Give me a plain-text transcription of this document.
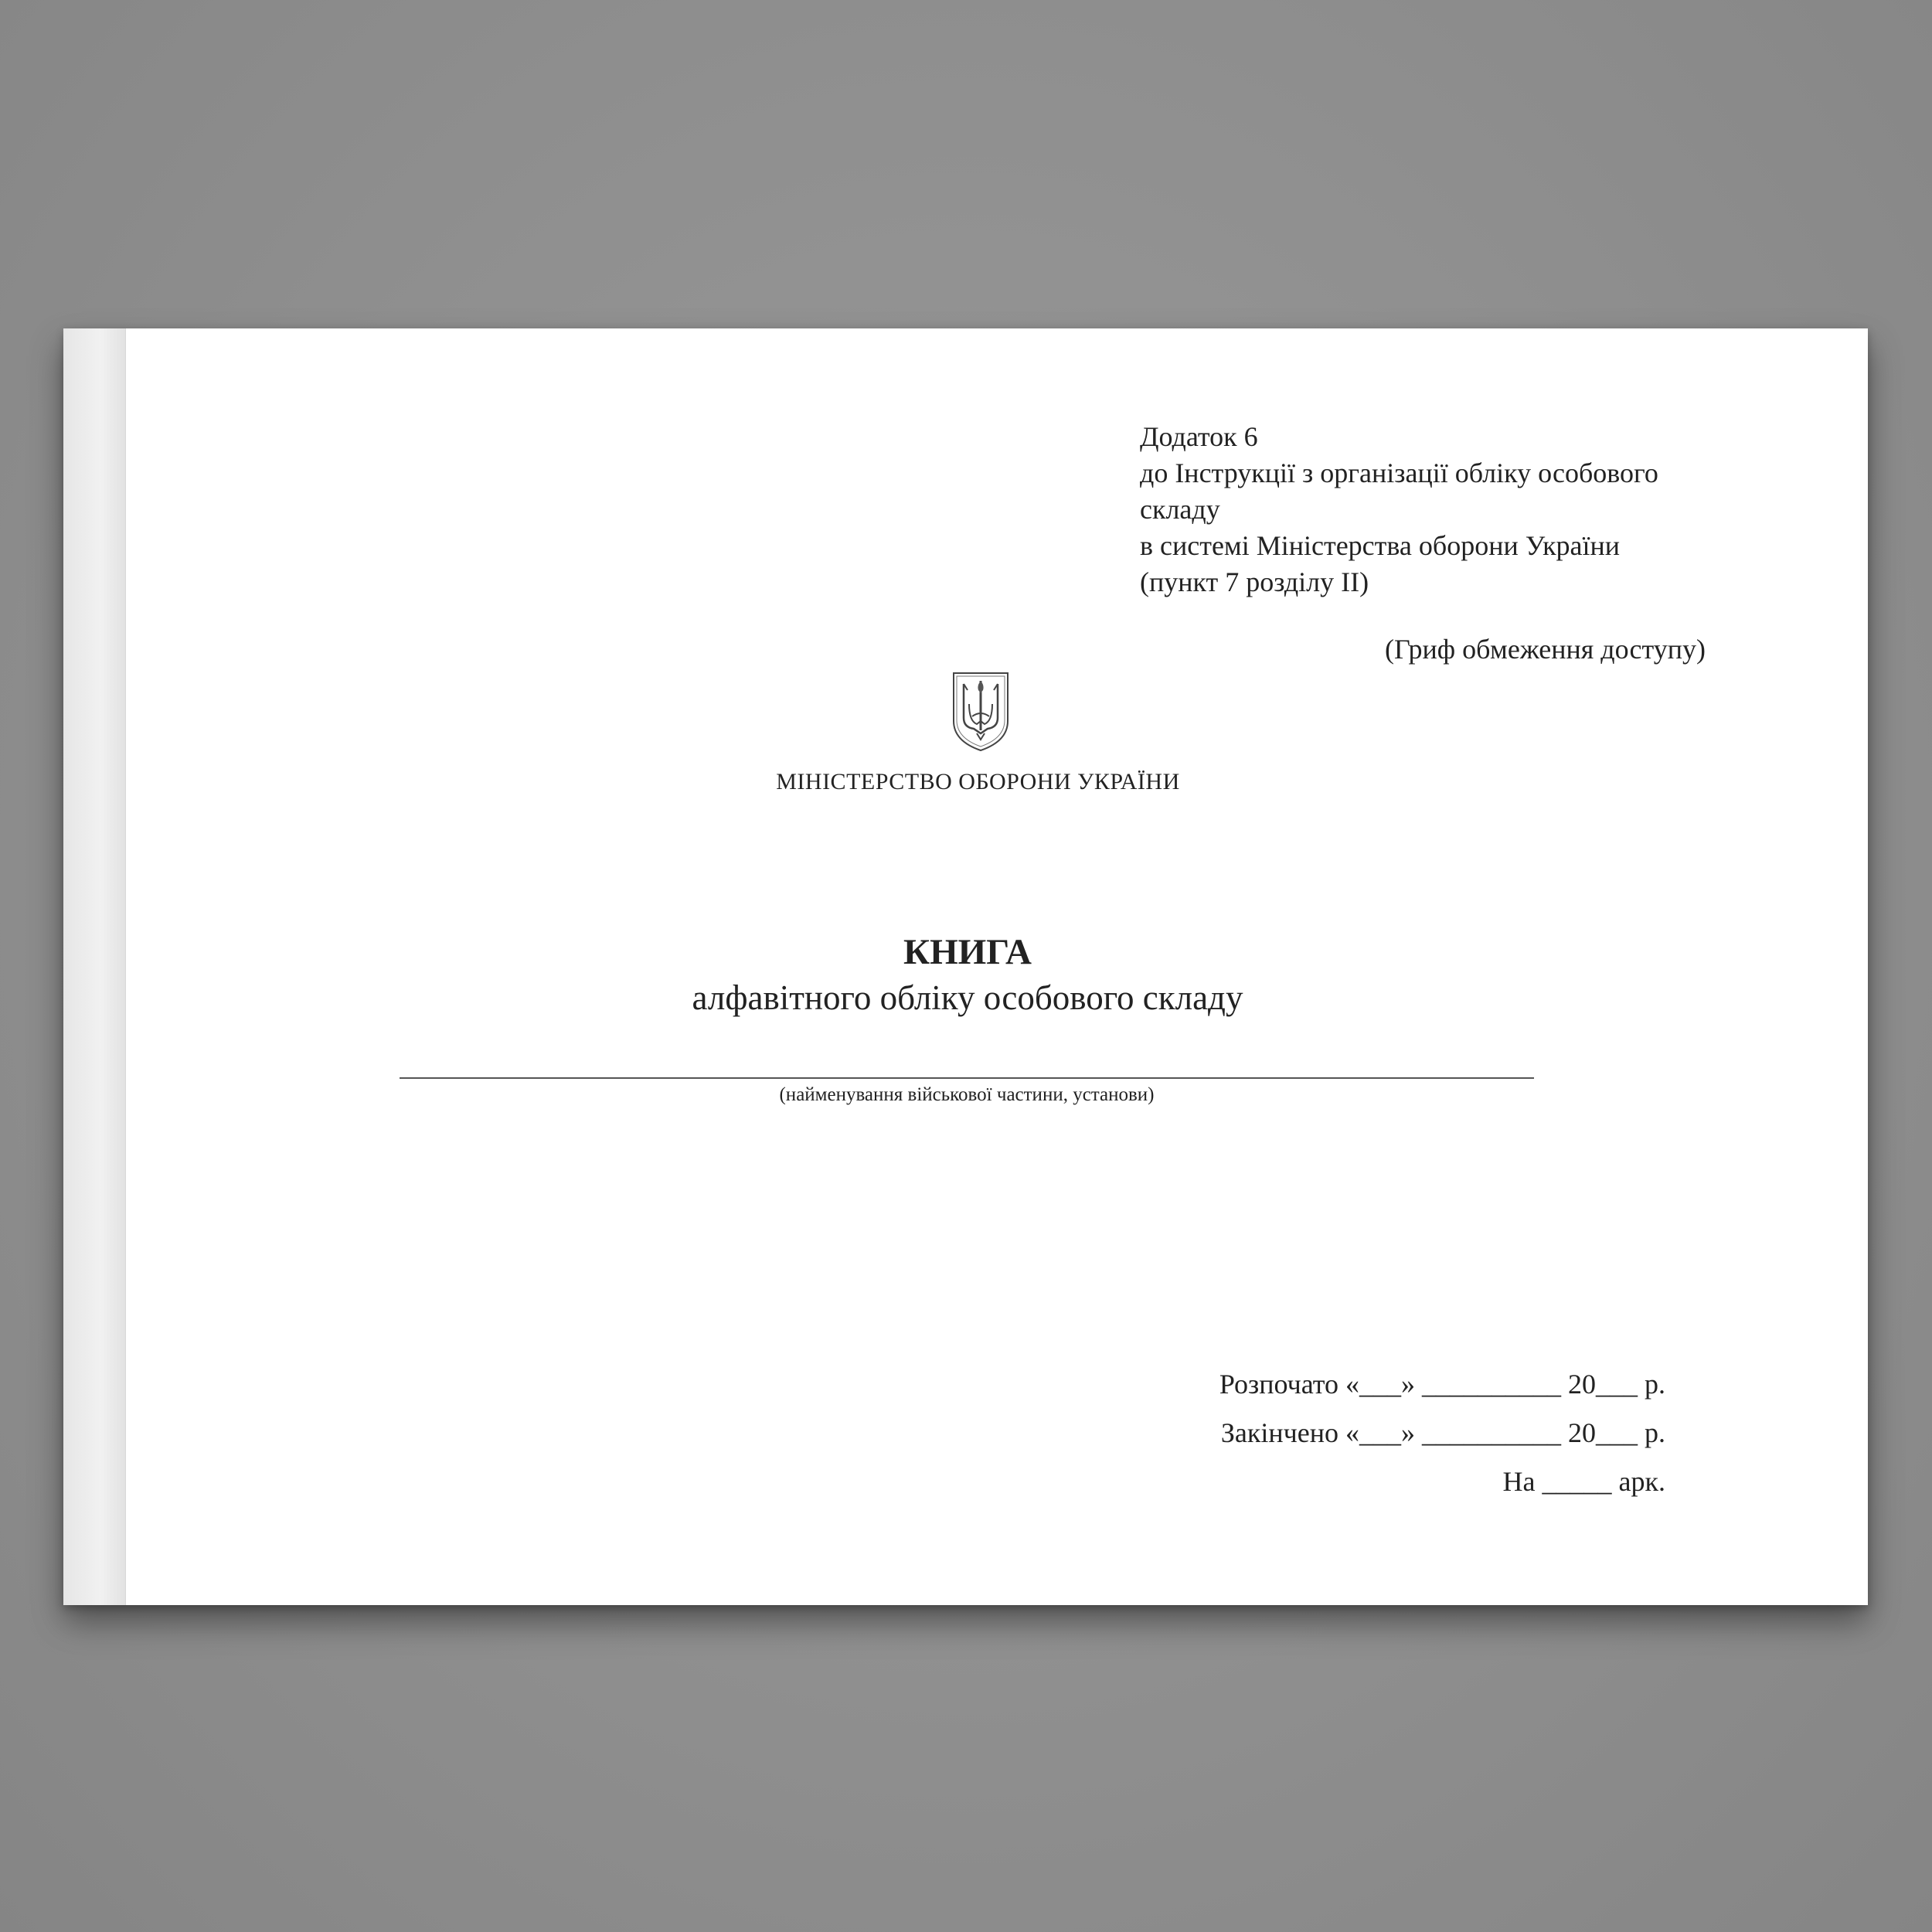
Додаток 6
до Інструкції з організації обліку особового
складу
в системі Міністерства оборони України
(пункт 7 розділу II)
(Гриф обмеження доступу)
МІНІСТЕРСТВО ОБОРОНИ УКРАЇНИ
КНИГА
алфавітного обліку особового складу
(найменування військової частини, установи)
Розпочато «___» __________ 20___ р.
Закінчено «___» __________ 20___ р.
На _____ арк.
